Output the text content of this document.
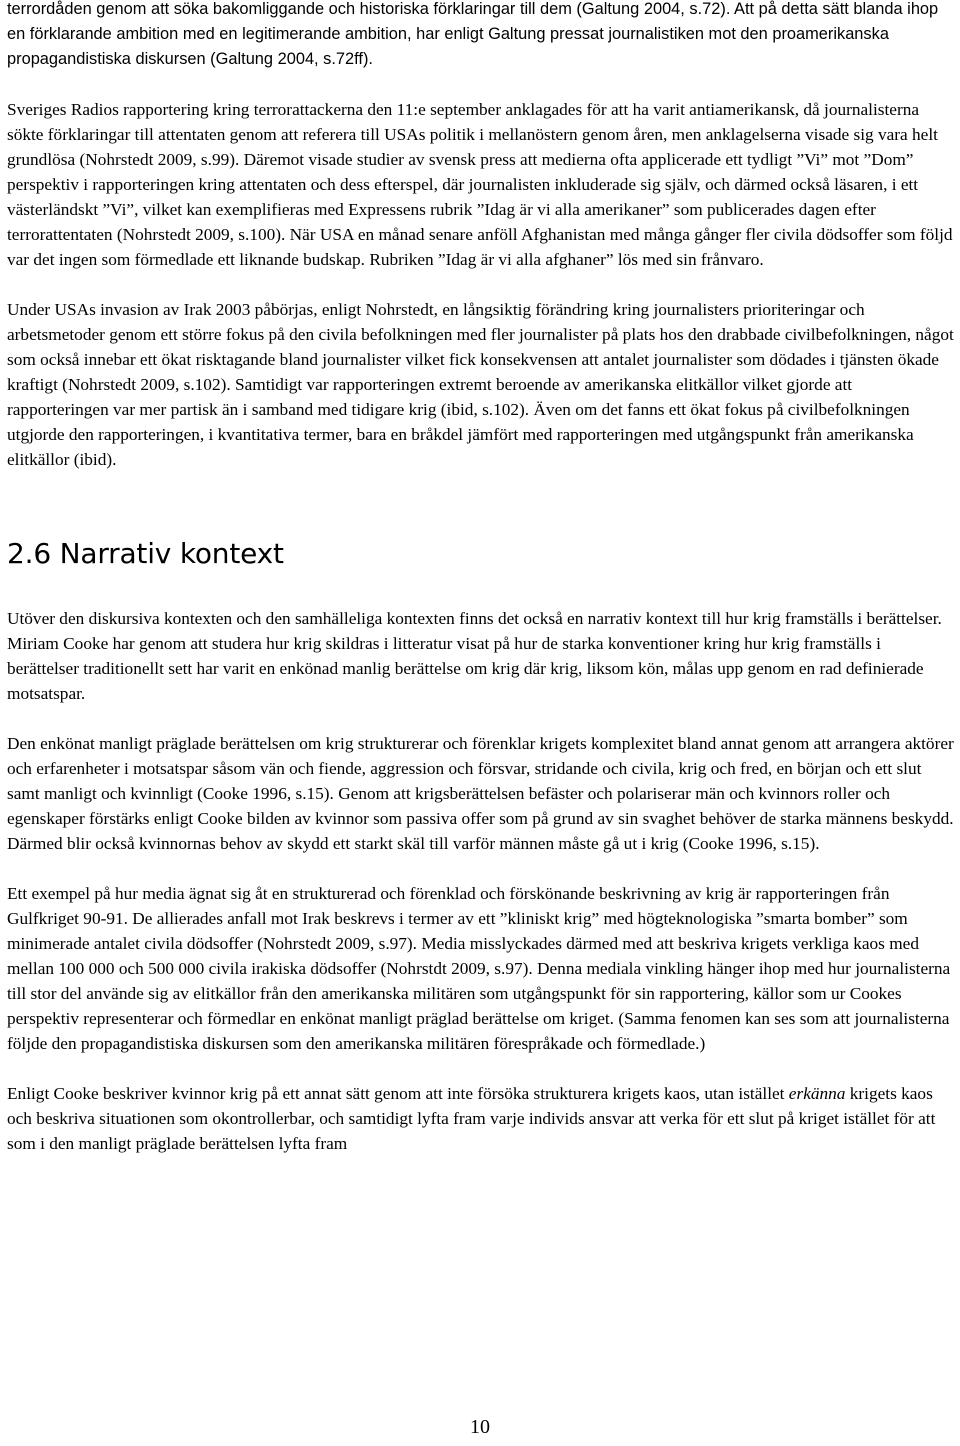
terrordåden genom att söka bakomliggande och historiska förklaringar till dem (Galtung 2004, s.72). Att på detta sätt blanda ihop en förklarande ambition med en legitimerande ambition, har enligt Galtung pressat journalistiken mot den proamerikanska propagandistiska diskursen (Galtung 2004, s.72ff).

Sveriges Radios rapportering kring terrorattackerna den 11:e september anklagades för att ha varit antiamerikansk, då journalisterna sökte förklaringar till attentaten genom att referera till USAs politik i mellanöstern genom åren, men anklagelserna visade sig vara helt grundlösa (Nohrstedt 2009, s.99). Däremot visade studier av svensk press att medierna ofta applicerade ett tydligt ”Vi” mot ”Dom” perspektiv i rapporteringen kring attentaten och dess efterspel, där journalisten inkluderade sig själv, och därmed också läsaren, i ett västerländskt ”Vi”, vilket kan exemplifieras med Expressens rubrik ”Idag är vi alla amerikaner” som publicerades dagen efter terrorattentaten (Nohrstedt 2009, s.100). När USA en månad senare anföll Afghanistan med många gånger fler civila dödsoffer som följd var det ingen som förmedlade ett liknande budskap. Rubriken ”Idag är vi alla afghaner” lös med sin frånvaro.

Under USAs invasion av Irak 2003 påbörjas, enligt Nohrstedt, en långsiktig förändring kring journalisters prioriteringar och arbetsmetoder genom ett större fokus på den civila befolkningen med fler journalister på plats hos den drabbade civilbefolkningen, något som också innebar ett ökat risktagande bland journalister vilket fick konsekvensen att antalet journalister som dödades i tjänsten ökade kraftigt (Nohrstedt 2009, s.102). Samtidigt var rapporteringen extremt beroende av amerikanska elitkällor vilket gjorde att rapporteringen var mer partisk än i samband med tidigare krig (ibid, s.102). Även om det fanns ett ökat fokus på civilbefolkningen utgjorde den rapporteringen, i kvantitativa termer, bara en bråkdel jämfört med rapporteringen med utgångspunkt från amerikanska elitkällor (ibid).

2.6 Narrativ kontext

Utöver den diskursiva kontexten och den samhälleliga kontexten finns det också en narrativ kontext till hur krig framställs i berättelser. Miriam Cooke har genom att studera hur krig skildras i litteratur visat på hur de starka konventioner kring hur krig framställs i berättelser traditionellt sett har varit en enkönad manlig berättelse om krig där krig, liksom kön, målas upp genom en rad definierade motsatspar.

Den enkönat manligt präglade berättelsen om krig strukturerar och förenklar krigets komplexitet bland annat genom att arrangera aktörer och erfarenheter i motsatspar såsom vän och fiende, aggression och försvar, stridande och civila, krig och fred, en början och ett slut samt manligt och kvinnligt (Cooke 1996, s.15). Genom att krigsberättelsen befäster och polariserar män och kvinnors roller och egenskaper förstärks enligt Cooke bilden av kvinnor som passiva offer som på grund av sin svaghet behöver de starka männens beskydd. Därmed blir också kvinnornas behov av skydd ett starkt skäl till varför männen måste gå ut i krig (Cooke 1996, s.15).

Ett exempel på hur media ägnat sig åt en strukturerad och förenklad och förskönande beskrivning av krig är rapporteringen från Gulfkriget 90-91. De allierades anfall mot Irak beskrevs i termer av ett ”kliniskt krig” med högteknologiska ”smarta bomber” som minimerade antalet civila dödsoffer (Nohrstedt 2009, s.97). Media misslyckades därmed med att beskriva krigets verkliga kaos med mellan 100 000 och 500 000 civila irakiska dödsoffer (Nohrstdt 2009, s.97). Denna mediala vinkling hänger ihop med hur journalisterna till stor del använde sig av elitkällor från den amerikanska militären som utgångspunkt för sin rapportering, källor som ur Cookes perspektiv representerar och förmedlar en enkönat manligt präglad berättelse om kriget. (Samma fenomen kan ses som att journalisterna följde den propagandistiska diskursen som den amerikanska militären förespråkade och förmedlade.)

Enligt Cooke beskriver kvinnor krig på ett annat sätt genom att inte försöka strukturera krigets kaos, utan istället erkänna krigets kaos och beskriva situationen som okontrollerbar, och samtidigt lyfta fram varje individs ansvar att verka för ett slut på kriget istället för att som i den manligt präglade berättelsen lyfta fram

10
